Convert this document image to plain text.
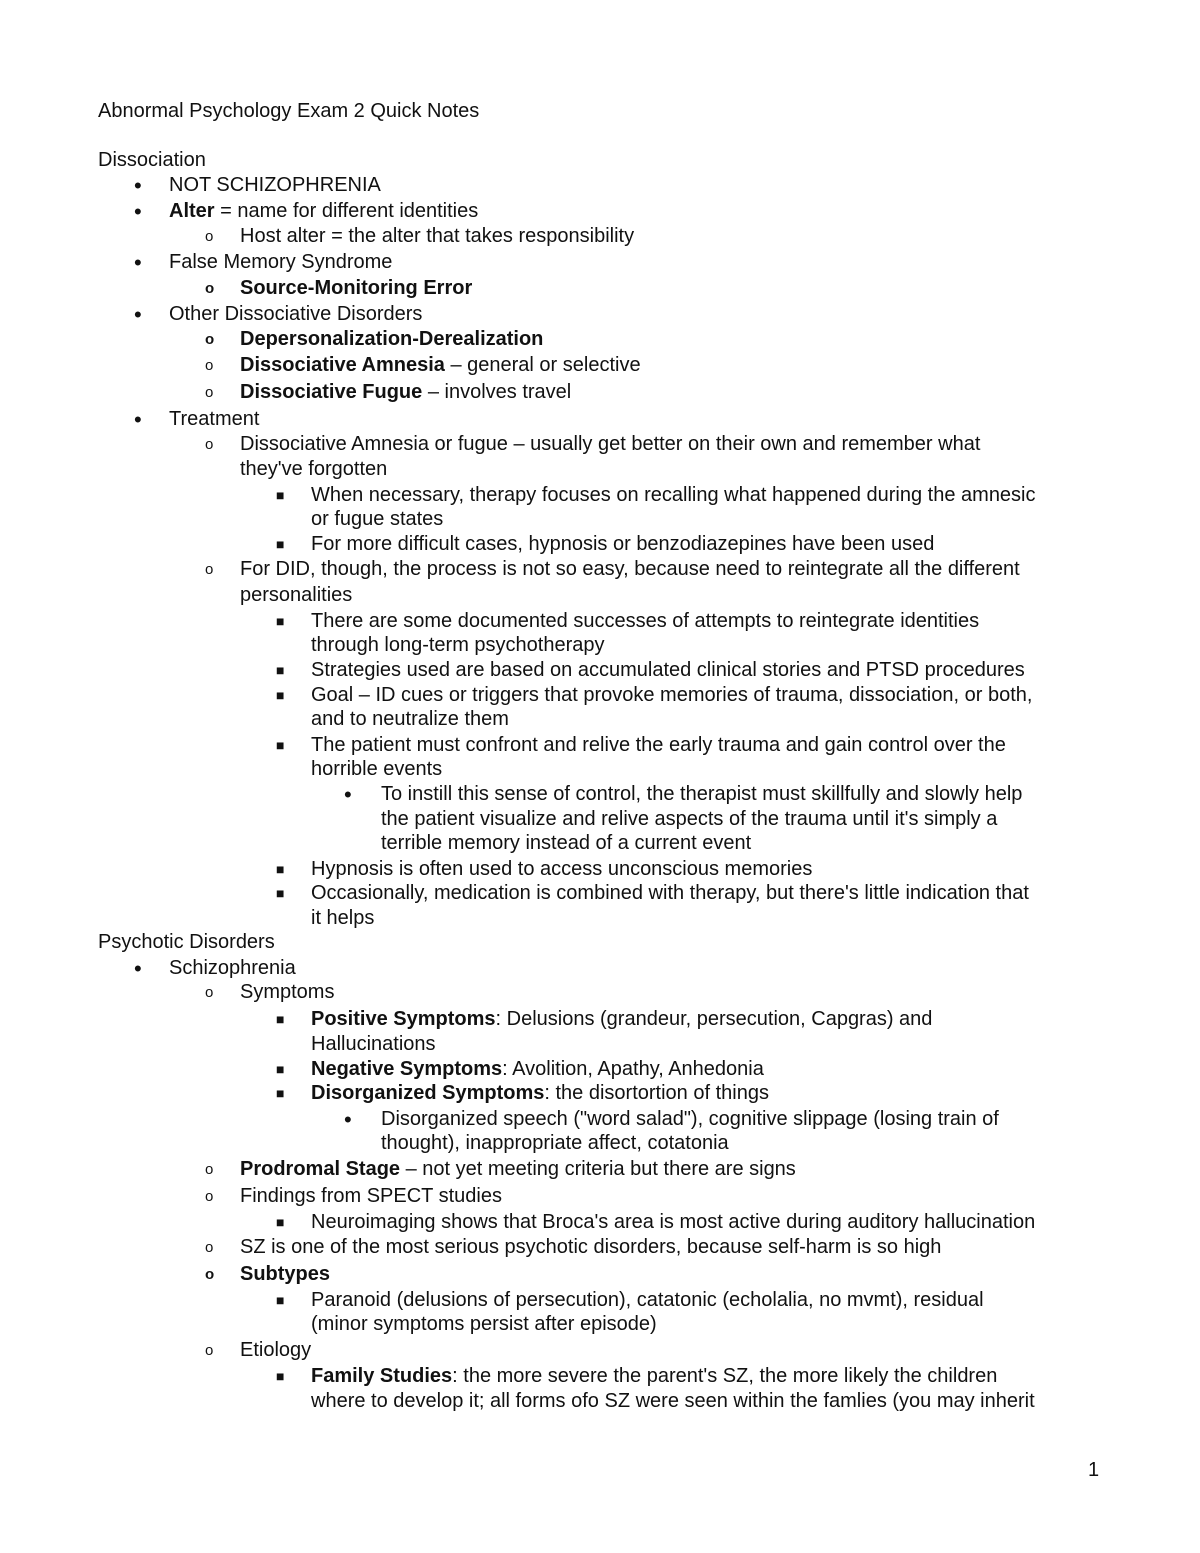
Abnormal Psychology Exam 2 Quick Notes
Dissociation
• NOT SCHIZOPHRENIA
• Alter = name for different identities
o Host alter = the alter that takes responsibility
• False Memory Syndrome
o Source-Monitoring Error
• Other Dissociative Disorders
o Depersonalization-Derealization
o Dissociative Amnesia – general or selective
o Dissociative Fugue – involves travel
• Treatment
o Dissociative Amnesia or fugue – usually get better on their own and remember what
they've forgotten
■ When necessary, therapy focuses on recalling what happened during the amnesic
or fugue states
■ For more difficult cases, hypnosis or benzodiazepines have been used
o For DID, though, the process is not so easy, because need to reintegrate all the different
personalities
■ There are some documented successes of attempts to reintegrate identities
through long-term psychotherapy
■ Strategies used are based on accumulated clinical stories and PTSD procedures
■ Goal – ID cues or triggers that provoke memories of trauma, dissociation, or both,
and to neutralize them
■ The patient must confront and relive the early trauma and gain control over the
horrible events
• To instill this sense of control, the therapist must skillfully and slowly help
the patient visualize and relive aspects of the trauma until it's simply a
terrible memory instead of a current event
■ Hypnosis is often used to access unconscious memories
■ Occasionally, medication is combined with therapy, but there's little indication that
it helps
Psychotic Disorders
• Schizophrenia
o Symptoms
■ Positive Symptoms: Delusions (grandeur, persecution, Capgras) and
Hallucinations
■ Negative Symptoms: Avolition, Apathy, Anhedonia
■ Disorganized Symptoms: the disortortion of things
• Disorganized speech ("word salad"), cognitive slippage (losing train of
thought), inappropriate affect, cotatonia
o Prodromal Stage – not yet meeting criteria but there are signs
o Findings from SPECT studies
■ Neuroimaging shows that Broca's area is most active during auditory hallucination
o SZ is one of the most serious psychotic disorders, because self-harm is so high
o Subtypes
■ Paranoid (delusions of persecution), catatonic (echolalia, no mvmt), residual
(minor symptoms persist after episode)
o Etiology
■ Family Studies: the more severe the parent's SZ, the more likely the children
where to develop it; all forms ofo SZ were seen within the famlies (you may inherit
1
